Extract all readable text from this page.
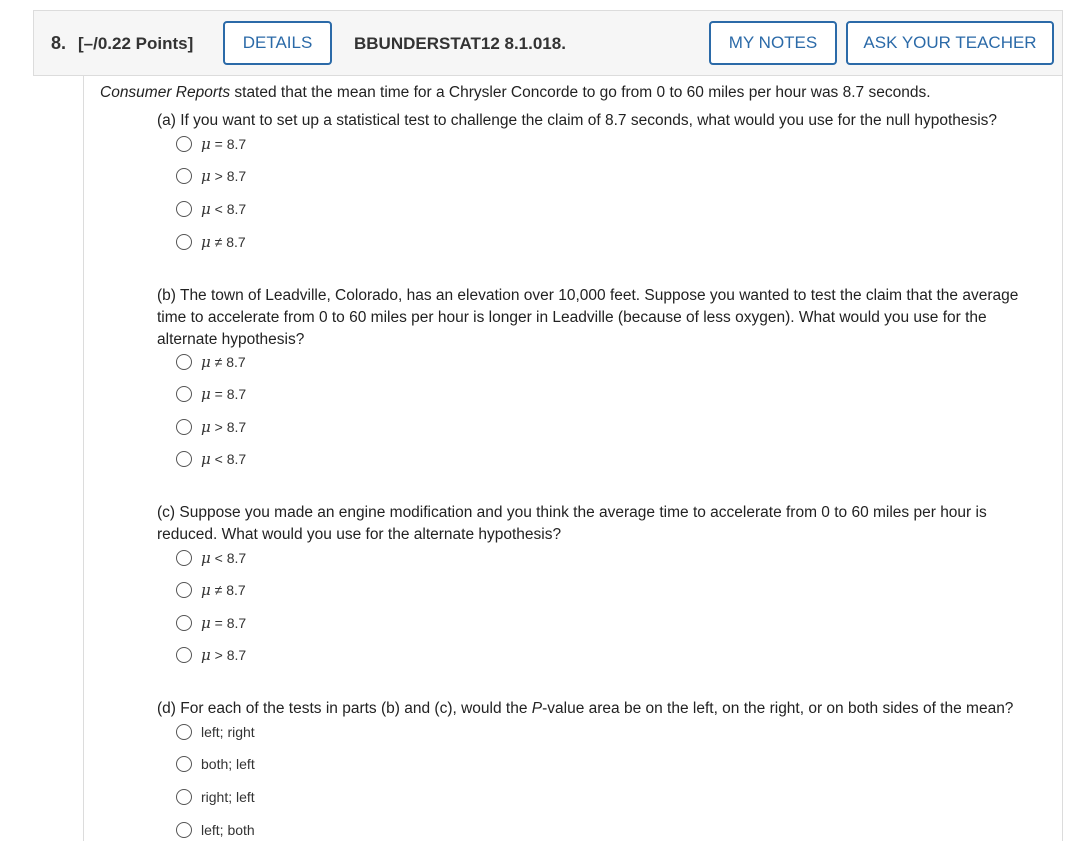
8. [–/0.22 Points]	DETAILS	BBUNDERSTAT12 8.1.018.	MY NOTES	ASK YOUR TEACHER
Consumer Reports stated that the mean time for a Chrysler Concorde to go from 0 to 60 miles per hour was 8.7 seconds.
(a) If you want to set up a statistical test to challenge the claim of 8.7 seconds, what would you use for the null hypothesis?
μ = 8.7
μ > 8.7
μ < 8.7
μ ≠ 8.7
(b) The town of Leadville, Colorado, has an elevation over 10,000 feet. Suppose you wanted to test the claim that the average time to accelerate from 0 to 60 miles per hour is longer in Leadville (because of less oxygen). What would you use for the alternate hypothesis?
μ ≠ 8.7
μ = 8.7
μ > 8.7
μ < 8.7
(c) Suppose you made an engine modification and you think the average time to accelerate from 0 to 60 miles per hour is reduced. What would you use for the alternate hypothesis?
μ < 8.7
μ ≠ 8.7
μ = 8.7
μ > 8.7
(d) For each of the tests in parts (b) and (c), would the P-value area be on the left, on the right, or on both sides of the mean?
left; right
both; left
right; left
left; both
